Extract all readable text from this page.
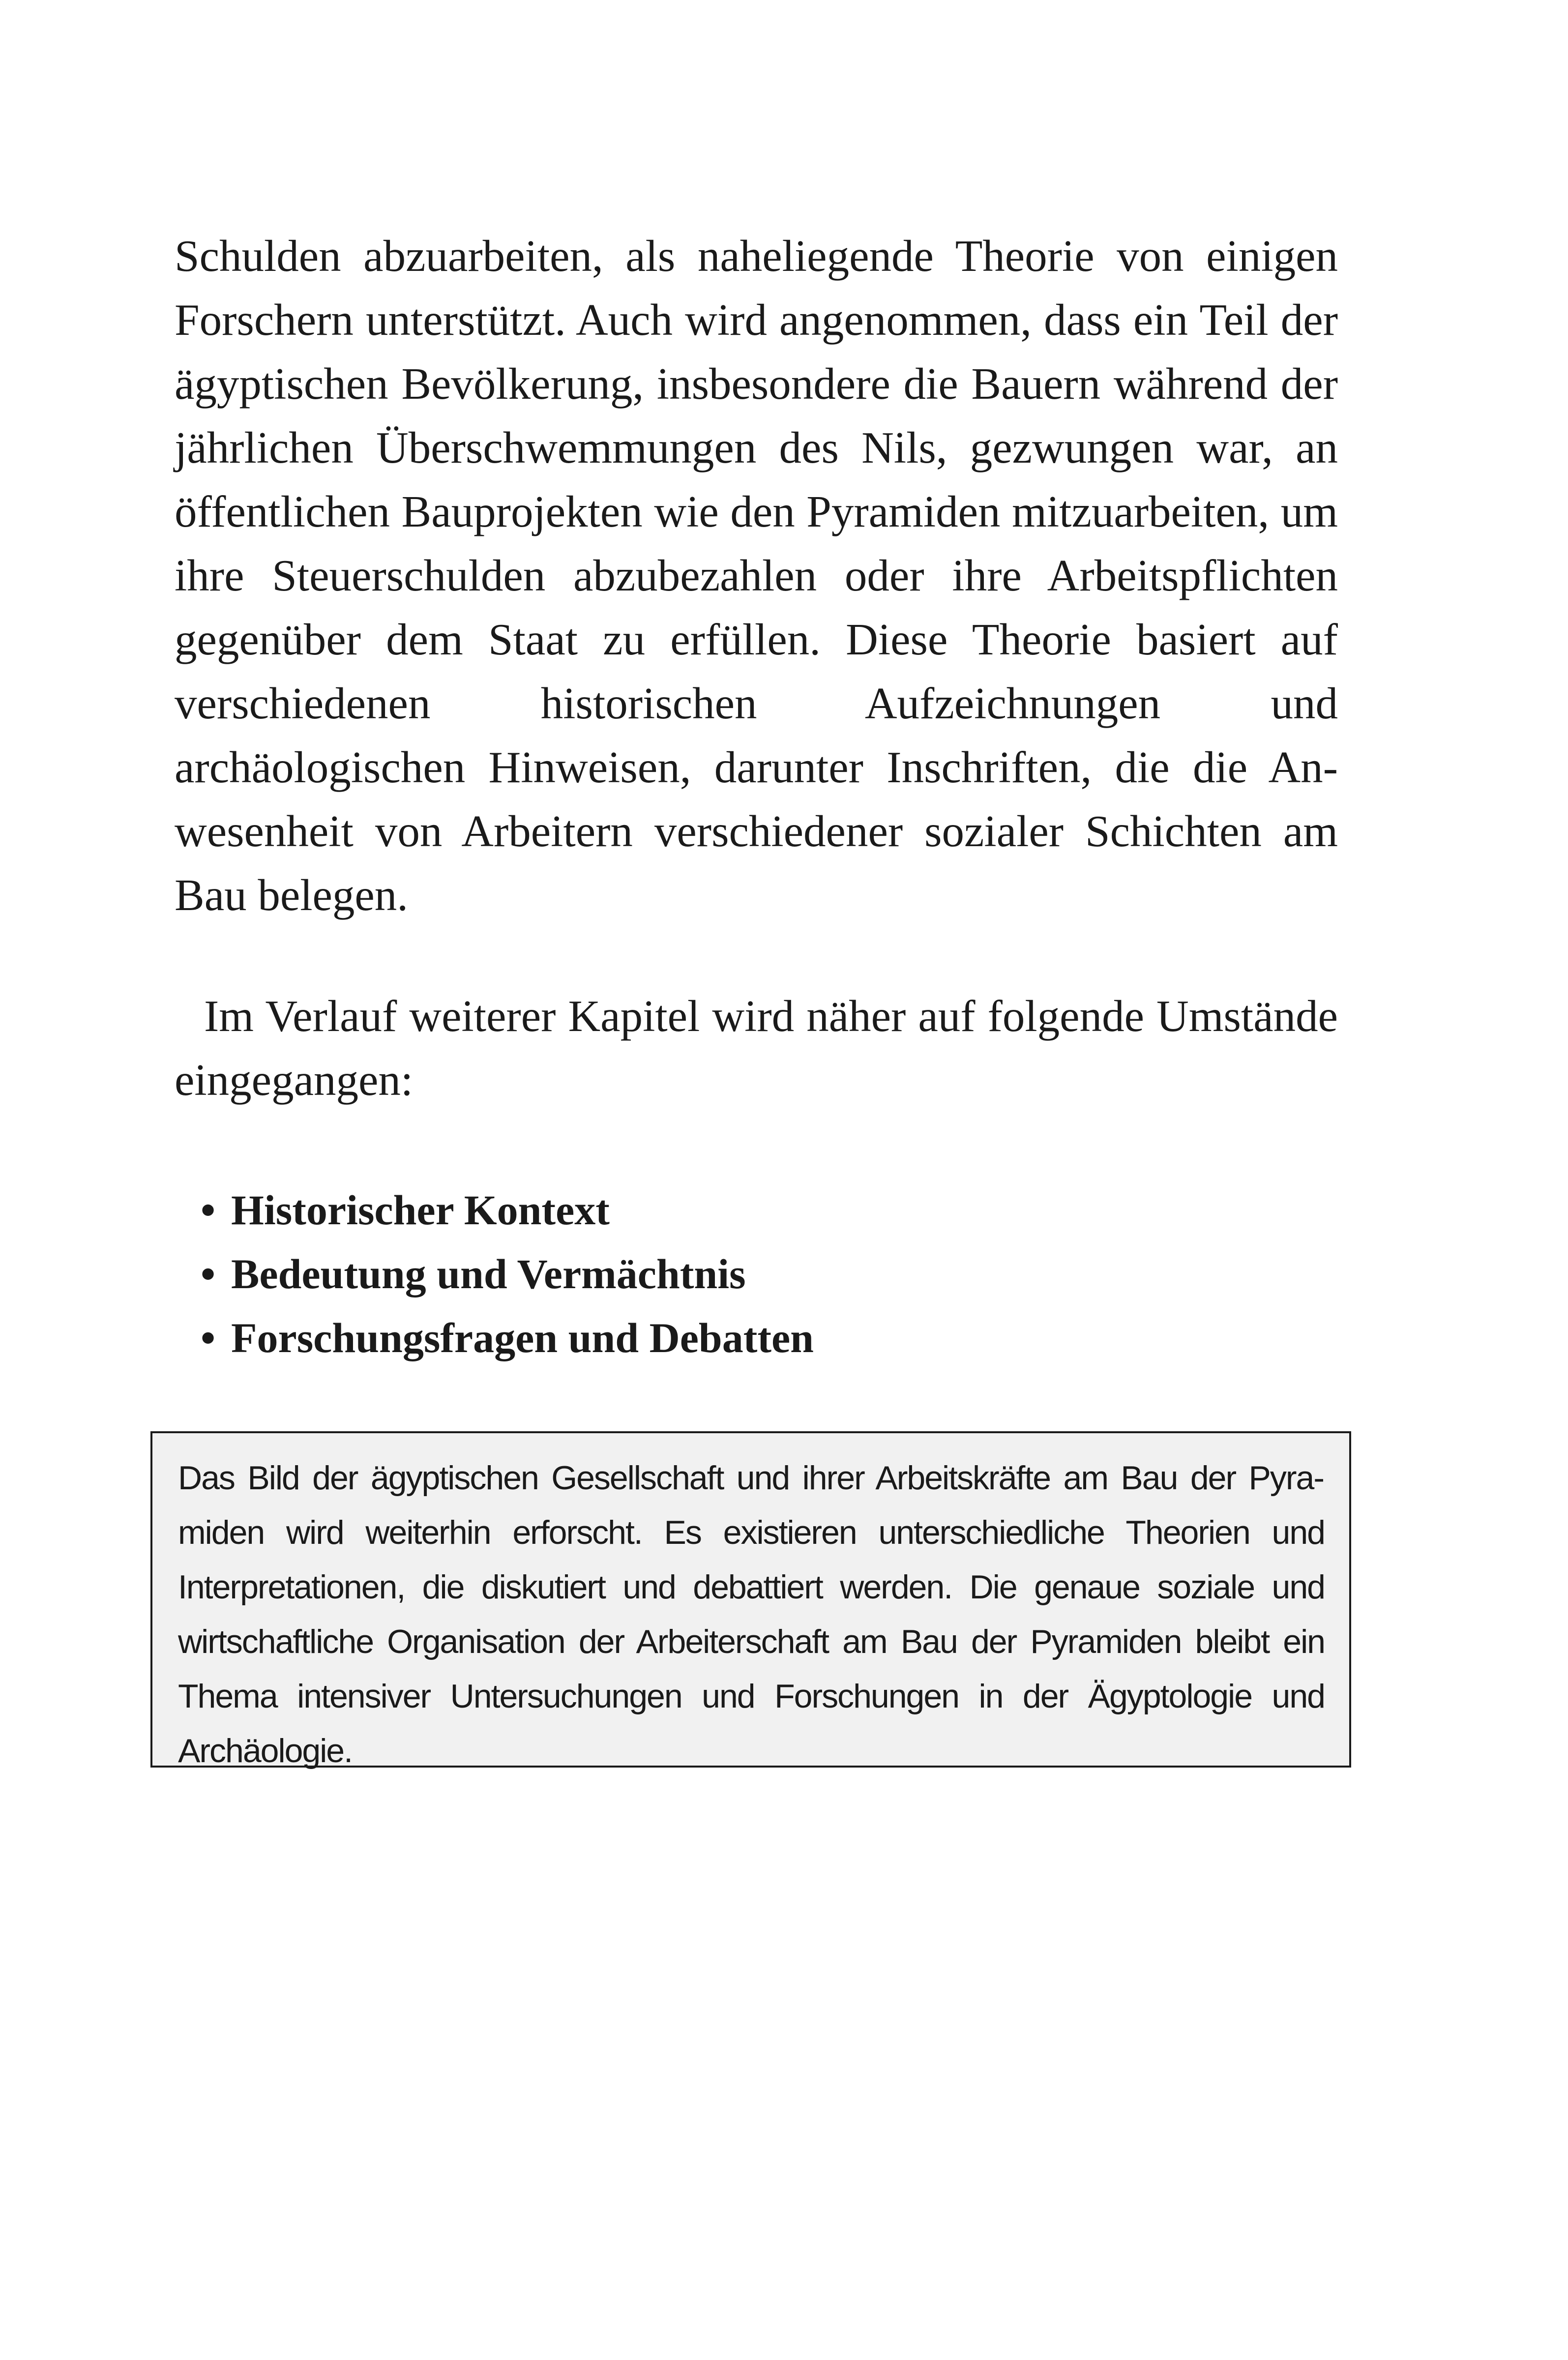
Schulden abzuarbeiten, als naheliegende Theorie von einigen Forschern unterstützt. Auch wird angenommen, dass ein Teil der ägyptischen Bevölkerung, insbesondere die Bauern während der jährlichen Überschwemmungen des Nils, gezwungen war, an öffentlichen Bauprojekten wie den Pyramiden mitzuarbeiten, um ihre Steuerschulden abzubezahlen oder ihre Arbeitspflichten gegenüber dem Staat zu erfüllen. Diese Theorie basiert auf verschiedenen historischen Aufzeichnungen und archäologischen Hinweisen, darunter Inschriften, die die Anwesenheit von Arbeitern verschiedener sozialer Schichten am Bau belegen.

Im Verlauf weiterer Kapitel wird näher auf folgende Umstände eingegangen:

• Historischer Kontext
• Bedeutung und Vermächtnis
• Forschungsfragen und Debatten

Das Bild der ägyptischen Gesellschaft und ihrer Arbeitskräfte am Bau der Pyramiden wird weiterhin erforscht. Es existieren unterschiedliche Theorien und Interpretationen, die diskutiert und debattiert werden. Die genaue soziale und wirtschaftliche Organisation der Arbeiterschaft am Bau der Pyramiden bleibt ein Thema intensiver Untersuchungen und Forschungen in der Ägyptologie und Archäologie.
